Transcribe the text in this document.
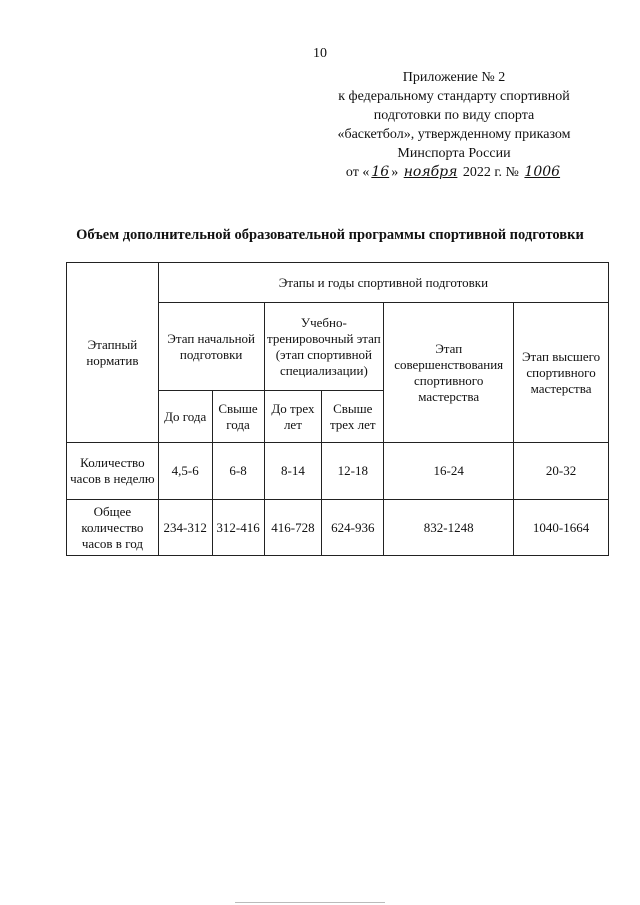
10
Приложение № 2
к федеральному стандарту спортивной
подготовки по виду спорта
«баскетбол», утвержденному приказом
Минспорта России
от « 16 » ноября 2022 г. № 1006
Объем дополнительной образовательной программы спортивной подготовки
Этапный норматив	Этапы и годы спортивной подготовки					
	Этап начальной подготовки		Учебно-тренировочный этап (этап спортивной специализации)		Этап совершенствования спортивного мастерства	Этап высшего спортивного мастерства
	До года	Свыше года	До трех лет	Свыше трех лет		
Количество часов в неделю	4,5-6	6-8	8-14	12-18	16-24	20-32
Общее количество часов в год	234-312	312-416	416-728	624-936	832-1248	1040-1664
